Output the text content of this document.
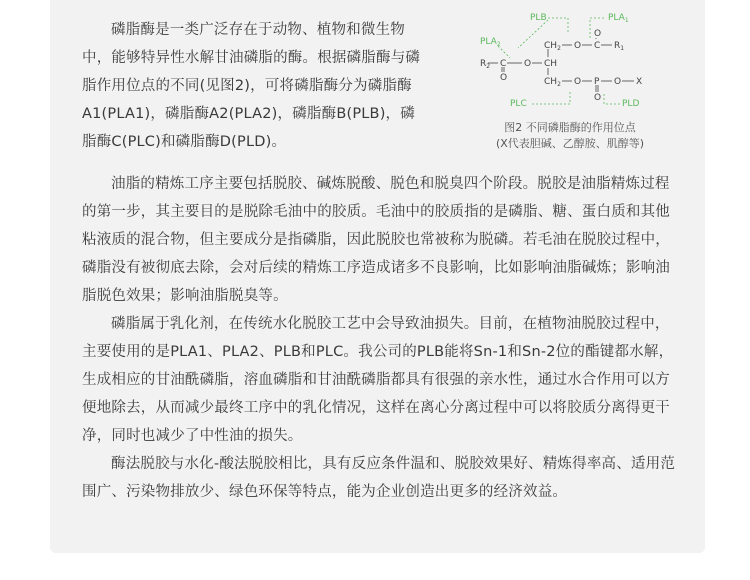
磷脂酶是一类广泛存在于动物、植物和微生物中，能够特异性水解甘油磷脂的酶。根据磷脂酶与磷脂作用位点的不同(见图2)，可将磷脂酶分为磷脂酶A1(PLA1)，磷脂酶A2(PLA2)，磷脂酶B(PLB)，磷脂酶C(PLC)和磷脂酶D(PLD)。

PLB	$PLA_1$
$PLA_2$
PLC	PLD
$CH_2$ O C $R_1$
O
$R_2$ C O CH
O	$CH_2$ O P O X
O
图2 不同磷脂酶的作用位点
(X代表胆碱、乙醇胺、肌醇等)

油脂的精炼工序主要包括脱胶、碱炼脱酸、脱色和脱臭四个阶段。脱胶是油脂精炼过程的第一步，其主要目的是脱除毛油中的胶质。毛油中的胶质指的是磷脂、糖、蛋白质和其他粘液质的混合物，但主要成分是指磷脂，因此脱胶也常被称为脱磷。若毛油在脱胶过程中，磷脂没有被彻底去除，会对后续的精炼工序造成诸多不良影响，比如影响油脂碱炼；影响油脂脱色效果；影响油脂脱臭等。

磷脂属于乳化剂，在传统水化脱胶工艺中会导致油损失。目前，在植物油脱胶过程中，主要使用的是PLA1、PLA2、PLB和PLC。我公司的PLB能将Sn-1和Sn-2位的酯键都水解，生成相应的甘油酰磷脂，溶血磷脂和甘油酰磷脂都具有很强的亲水性，通过水合作用可以方便地除去，从而减少最终工序中的乳化情况，这样在离心分离过程中可以将胶质分离得更干净，同时也减少了中性油的损失。

酶法脱胶与水化-酸法脱胶相比，具有反应条件温和、脱胶效果好、精炼得率高、适用范围广、污染物排放少、绿色环保等特点，能为企业创造出更多的经济效益。
